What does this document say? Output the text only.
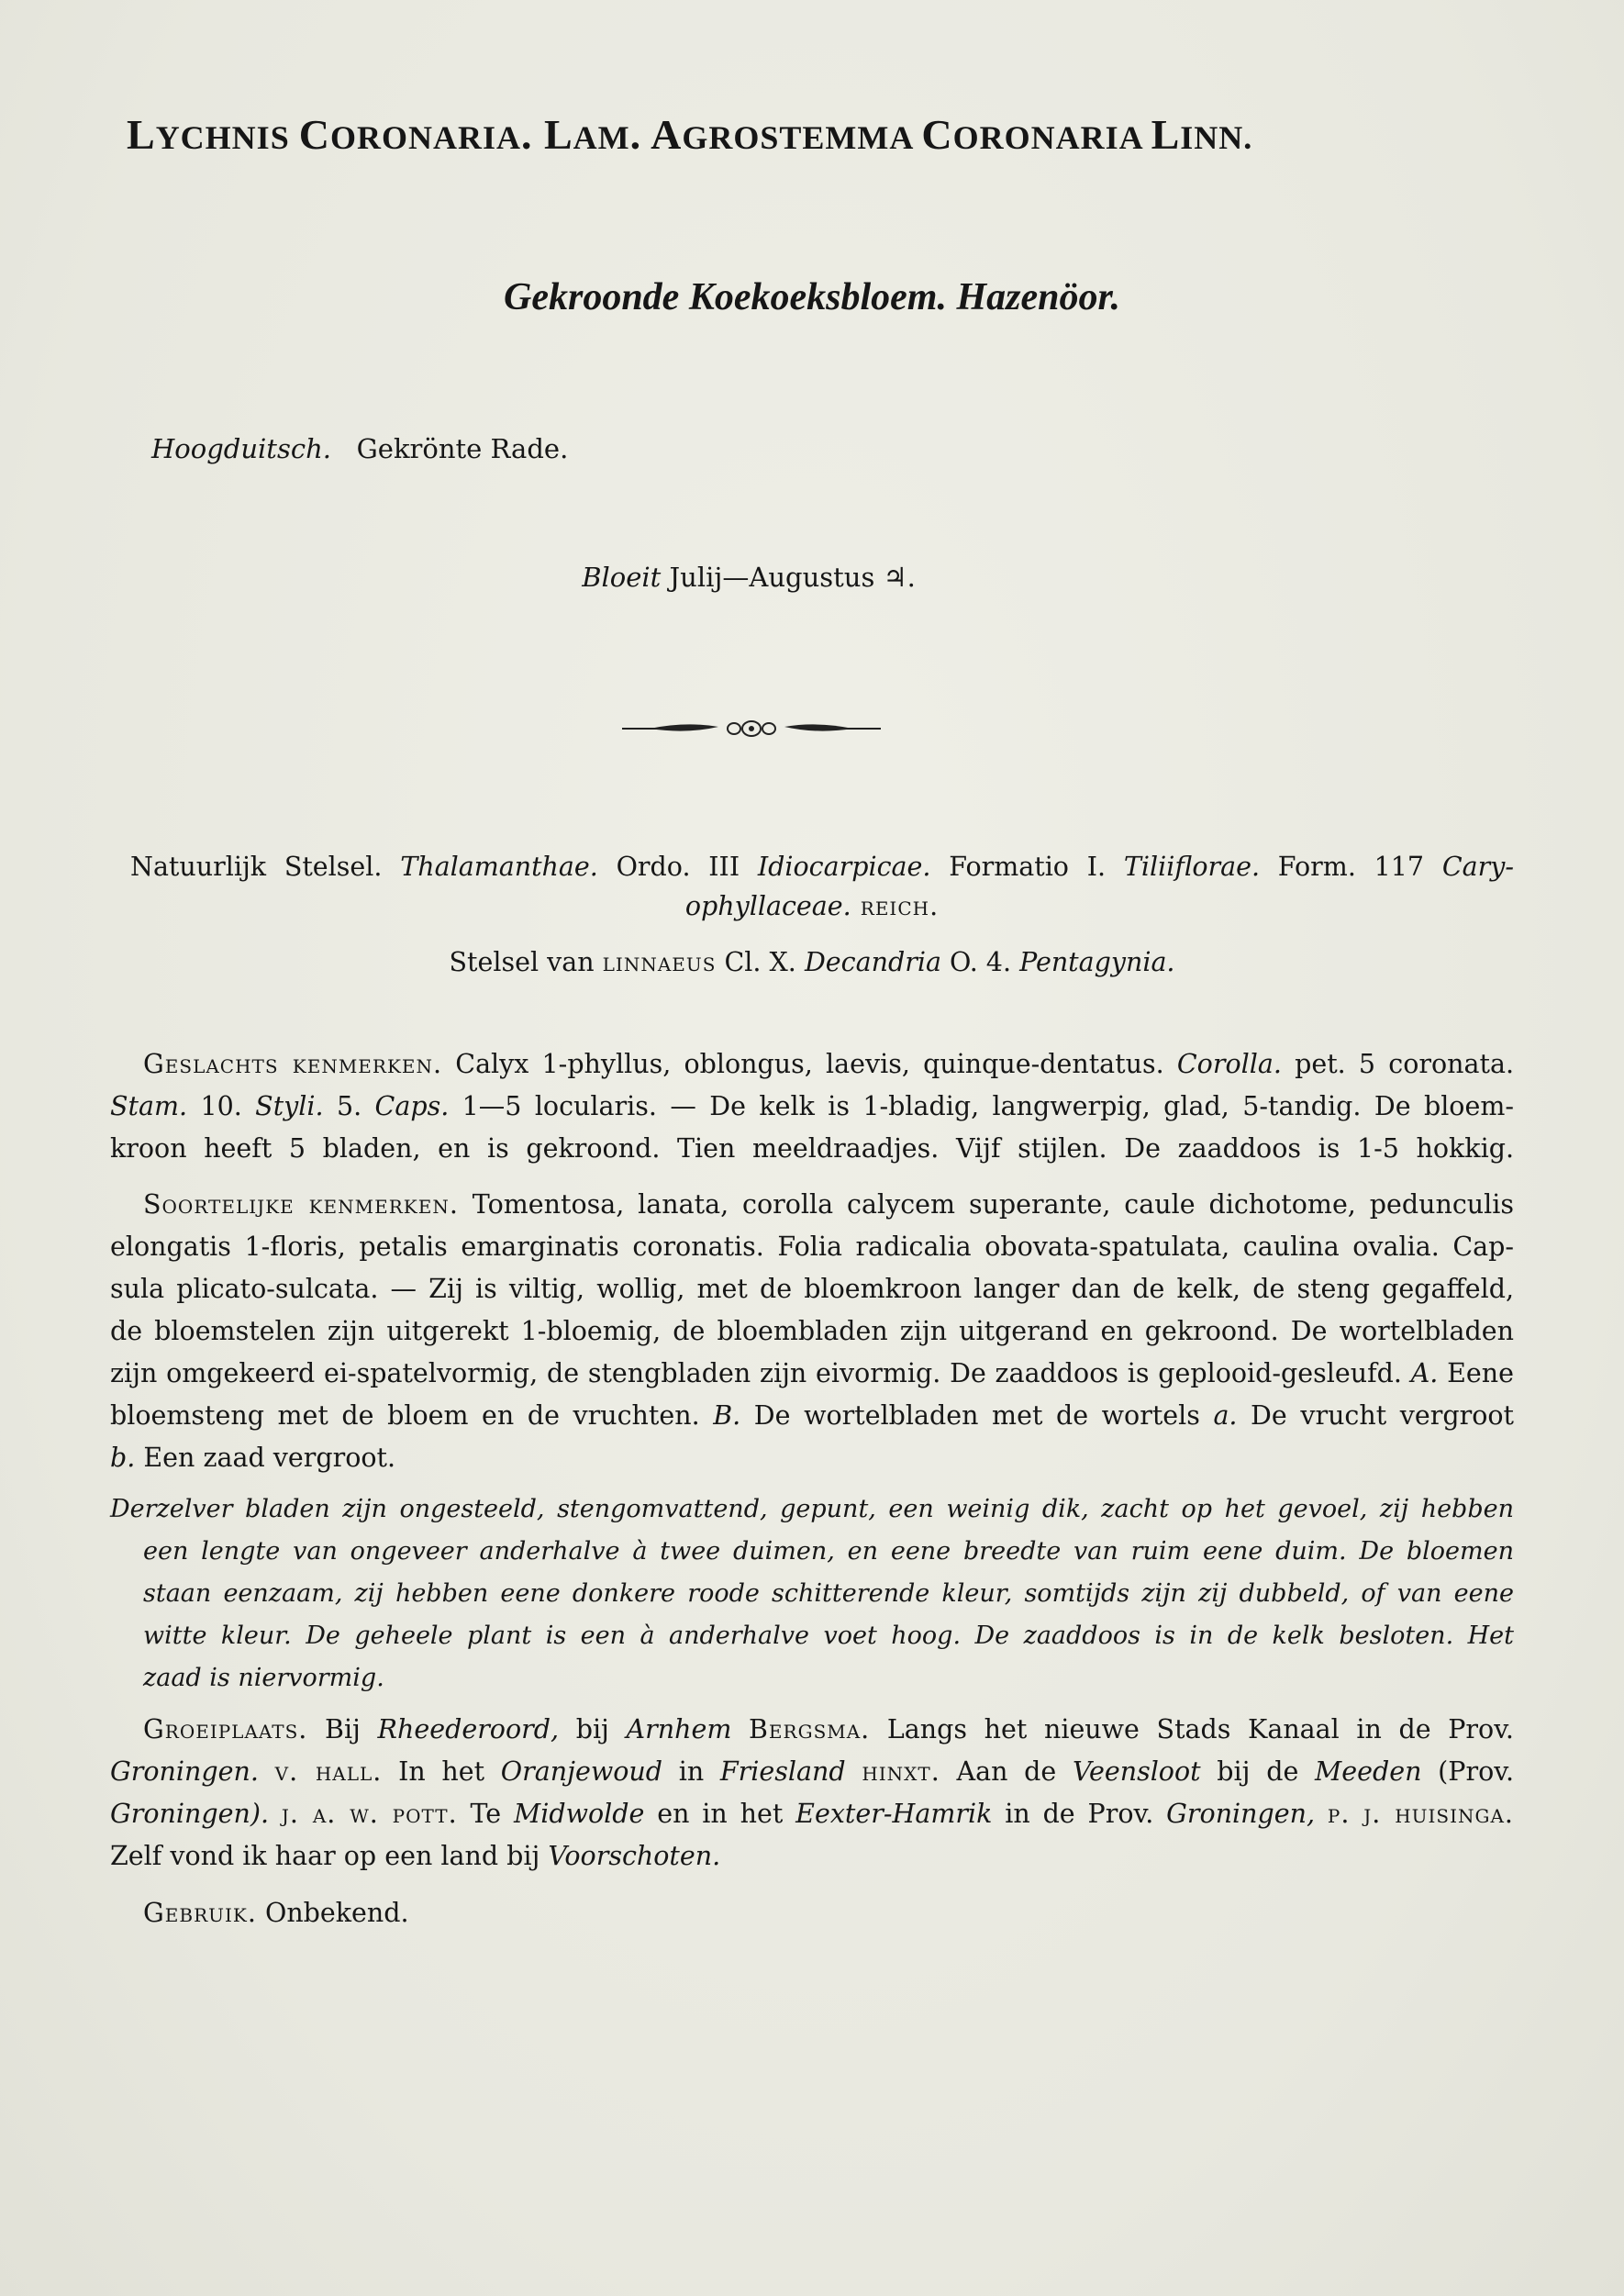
LYCHNIS CORONARIA. LAM. AGROSTEMMA CORONARIA LINN.
Gekroonde Koekoeksbloem. Hazenöor.
Hoogduitsch. Gekrönte Rade.
Bloeit Julij—Augustus ♃.
Natuurlijk Stelsel. Thalamanthae. Ordo. III Idiocarpicae. Formatio I. Tiliiflorae. Form. 117 Cary-
ophyllaceae. reich.
Stelsel van linnaeus Cl. X. Decandria O. 4. Pentagynia.
Geslachts kenmerken. Calyx 1-phyllus, oblongus, laevis, quinque-dentatus. Corolla. pet. 5 coronata.
Stam. 10. Styli. 5. Caps. 1—5 locularis. — De kelk is 1-bladig, langwerpig, glad, 5-tandig. De bloem-
kroon heeft 5 bladen, en is gekroond. Tien meeldraadjes. Vijf stijlen. De zaaddoos is 1-5 hokkig.
Soortelijke kenmerken. Tomentosa, lanata, corolla calycem superante, caule dichotome, pedunculis
elongatis 1-floris, petalis emarginatis coronatis. Folia radicalia obovata-spatulata, caulina ovalia. Cap-
sula plicato-sulcata. — Zij is viltig, wollig, met de bloemkroon langer dan de kelk, de steng gegaffeld,
de bloemstelen zijn uitgerekt 1-bloemig, de bloembladen zijn uitgerand en gekroond. De wortelbladen
zijn omgekeerd ei-spatelvormig, de stengbladen zijn eivormig. De zaaddoos is geplooid-gesleufd. A. Eene
bloemsteng met de bloem en de vruchten. B. De wortelbladen met de wortels a. De vrucht vergroot
b. Een zaad vergroot.
Derzelver bladen zijn ongesteeld, stengomvattend, gepunt, een weinig dik, zacht op het gevoel, zij hebben
een lengte van ongeveer anderhalve à twee duimen, en eene breedte van ruim eene duim. De bloemen
staan eenzaam, zij hebben eene donkere roode schitterende kleur, somtijds zijn zij dubbeld, of van eene
witte kleur. De geheele plant is een à anderhalve voet hoog. De zaaddoos is in de kelk besloten. Het
zaad is niervormig.
Groeiplaats. Bij Rheederoord, bij Arnhem Bergsma. Langs het nieuwe Stads Kanaal in de Prov.
Groningen. v. hall. In het Oranjewoud in Friesland hinxt. Aan de Veensloot bij de Meeden (Prov.
Groningen). j. a. w. pott. Te Midwolde en in het Eexter-Hamrik in de Prov. Groningen, p. j. huisinga.
Zelf vond ik haar op een land bij Voorschoten.
Gebruik. Onbekend.
